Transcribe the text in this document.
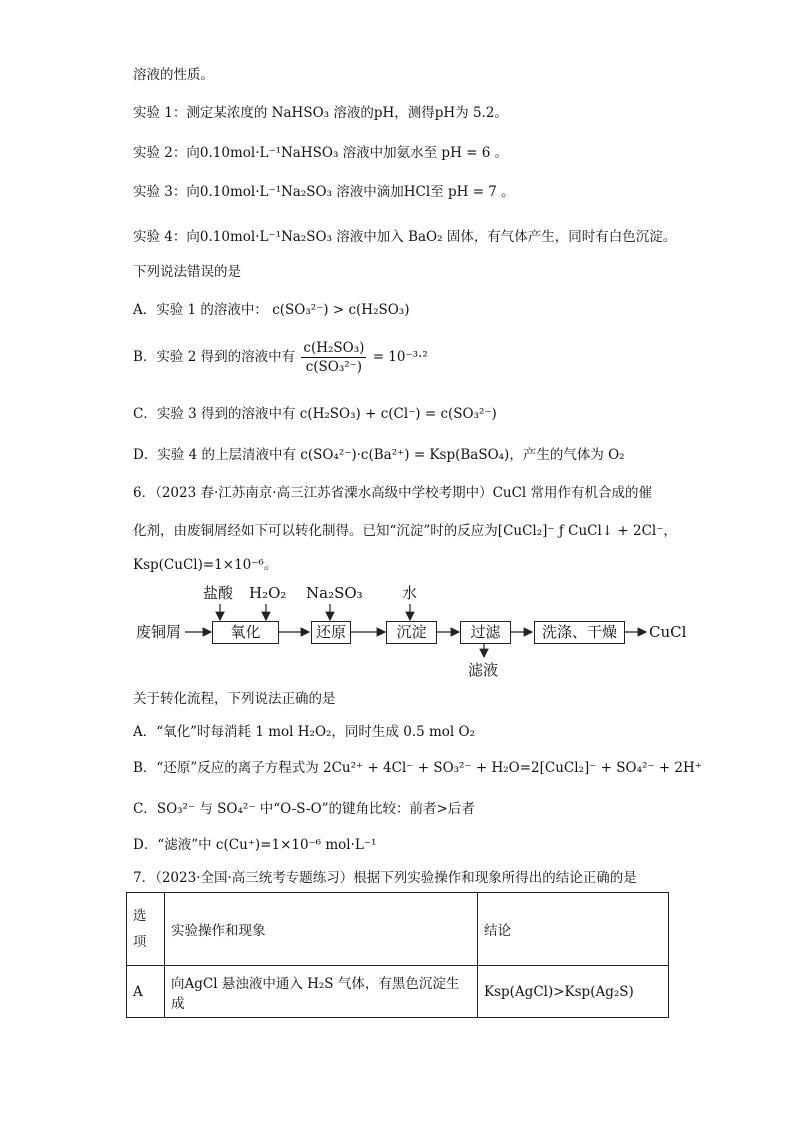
溶液的性质。
实验 1：测定某浓度的 NaHSO₃ 溶液的pH，测得pH为 5.2。
实验 2：向0.10mol·L⁻¹NaHSO₃ 溶液中加氨水至 pH = 6 。
实验 3：向0.10mol·L⁻¹Na₂SO₃ 溶液中滴加HCl至 pH = 7 。
实验 4：向0.10mol·L⁻¹Na₂SO₃ 溶液中加入 BaO₂ 固体，有气体产生，同时有白色沉淀。
下列说法错误的是
A．实验 1 的溶液中： c(SO₃²⁻) > c(H₂SO₃)
B．实验 2 得到的溶液中有 $\frac{\text{c(H₂SO₃)}}{\text{c(SO₃²⁻)}} = 10^{-3}\cdot^2$
C．实验 3 得到的溶液中有 c(H₂SO₃) + c(Cl⁻) = c(SO₃²⁻)
D．实验 4 的上层清液中有 c(SO₄²⁻)·c(Ba²⁺) = Ksp(BaSO₄)，产生的气体为 O₂
6．（2023 春·江苏南京·高三江苏省溧水高级中学校考期中）CuCl 常用作有机合成的催
化剂，由废铜屑经如下可以转化制得。已知“沉淀”时的反应为[CuCl₂]⁻ ƒ CuCl↓ + 2Cl⁻，
Ksp(CuCl)=1×10⁻⁶。
废铜屑	氧化	还原	沉淀	过滤	洗涤、干燥	CuCl
盐酸 H₂O₂ Na₂SO₃	水
滤液
关于转化流程，下列说法正确的是
A．“氧化”时每消耗 1 mol H₂O₂，同时生成 0.5 mol O₂
B．“还原”反应的离子方程式为 2Cu²⁺ + 4Cl⁻ + SO₃²⁻ + H₂O=2[CuCl₂]⁻ + SO₄²⁻ + 2H⁺
C．SO₃²⁻ 与 SO₄²⁻ 中“O-S-O”的键角比较：前者>后者
D．“滤液”中 c(Cu⁺)=1×10⁻⁶ mol·L⁻¹
7．（2023·全国·高三统考专题练习）根据下列实验操作和现象所得出的结论正确的是
选项	实验操作和现象	结论
A	向AgCl 悬浊液中通入 H₂S 气体，有黑色沉淀生成	Ksp(AgCl)>Ksp(Ag₂S)
